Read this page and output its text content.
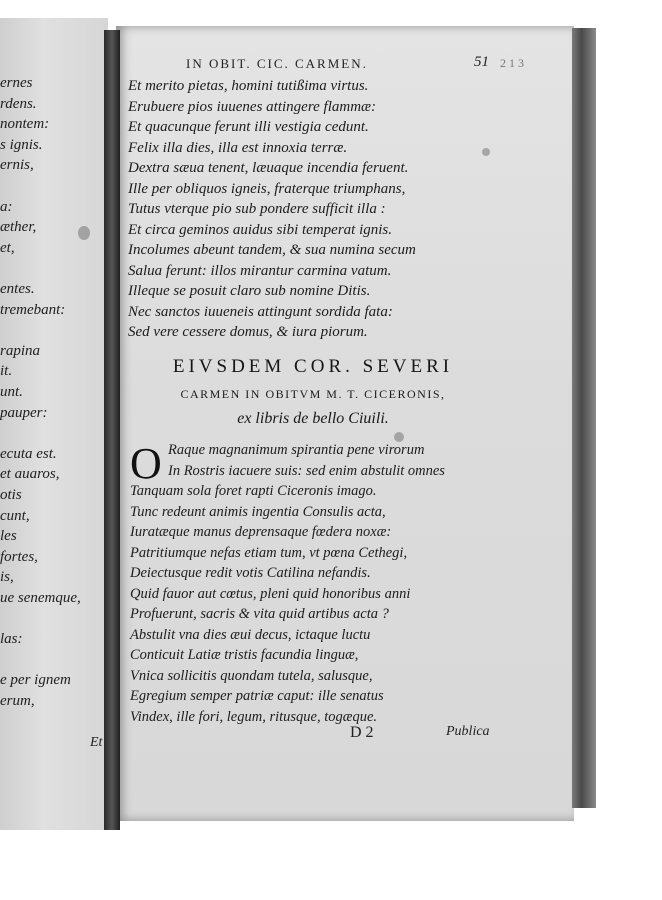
ernes
rdens.
nontem:
s ignis.
ernis,
a:
æther,
et,
entes.
tremebant:
rapina
it.
unt.
pauper:
ecuta est.
et auaros,
otis
cunt,
les
fortes,
is,
ue senemque,
las:
e per ignem
erum,
Et
IN OBIT. CIC. CARMEN.	51 2 1 3
Et merito pietas, homini tutißima virtus.
Erubuere pios iuuenes attingere flammæ:
Et quacunque ferunt illi vestigia cedunt.
Felix illa dies, illa est innoxia terræ.
Dextra sæua tenent, læuaque incendia feruent.
Ille per obliquos igneis, fraterque triumphans,
Tutus vterque pio sub pondere sufficit illa :
Et circa geminos auidus sibi temperat ignis.
Incolumes abeunt tandem, & sua numina secum
Salua ferunt: illos mirantur carmina vatum.
Illeque se posuit claro sub nomine Ditis.
Nec sanctos iuueneis attingunt sordida fata:
Sed vere cessere domus, & iura piorum.
EIVSDEM COR. SEVERI
CARMEN IN OBITVM M. T. CICERONIS,
ex libris de bello Ciuili.
O Raque magnanimum spirantia pene virorum
In Rostris iacuere suis: sed enim abstulit omnes
Tanquam sola foret rapti Ciceronis imago.
Tunc redeunt animis ingentia Consulis acta,
Iuratæque manus deprensaque fœdera noxæ:
Patritiumque nefas etiam tum, vt pœna Cethegi,
Deiectusque redit votis Catilina nefandis.
Quid fauor aut cœtus, pleni quid honoribus anni
Profuerunt, sacris & vita quid artibus acta ?
Abstulit vna dies æui decus, ictaque luctu
Conticuit Latiæ tristis facundia linguæ,
Vnica sollicitis quondam tutela, salusque,
Egregium semper patriæ caput: ille senatus
Vindex, ille fori, legum, ritusque, togæque.
D 2	Publica
